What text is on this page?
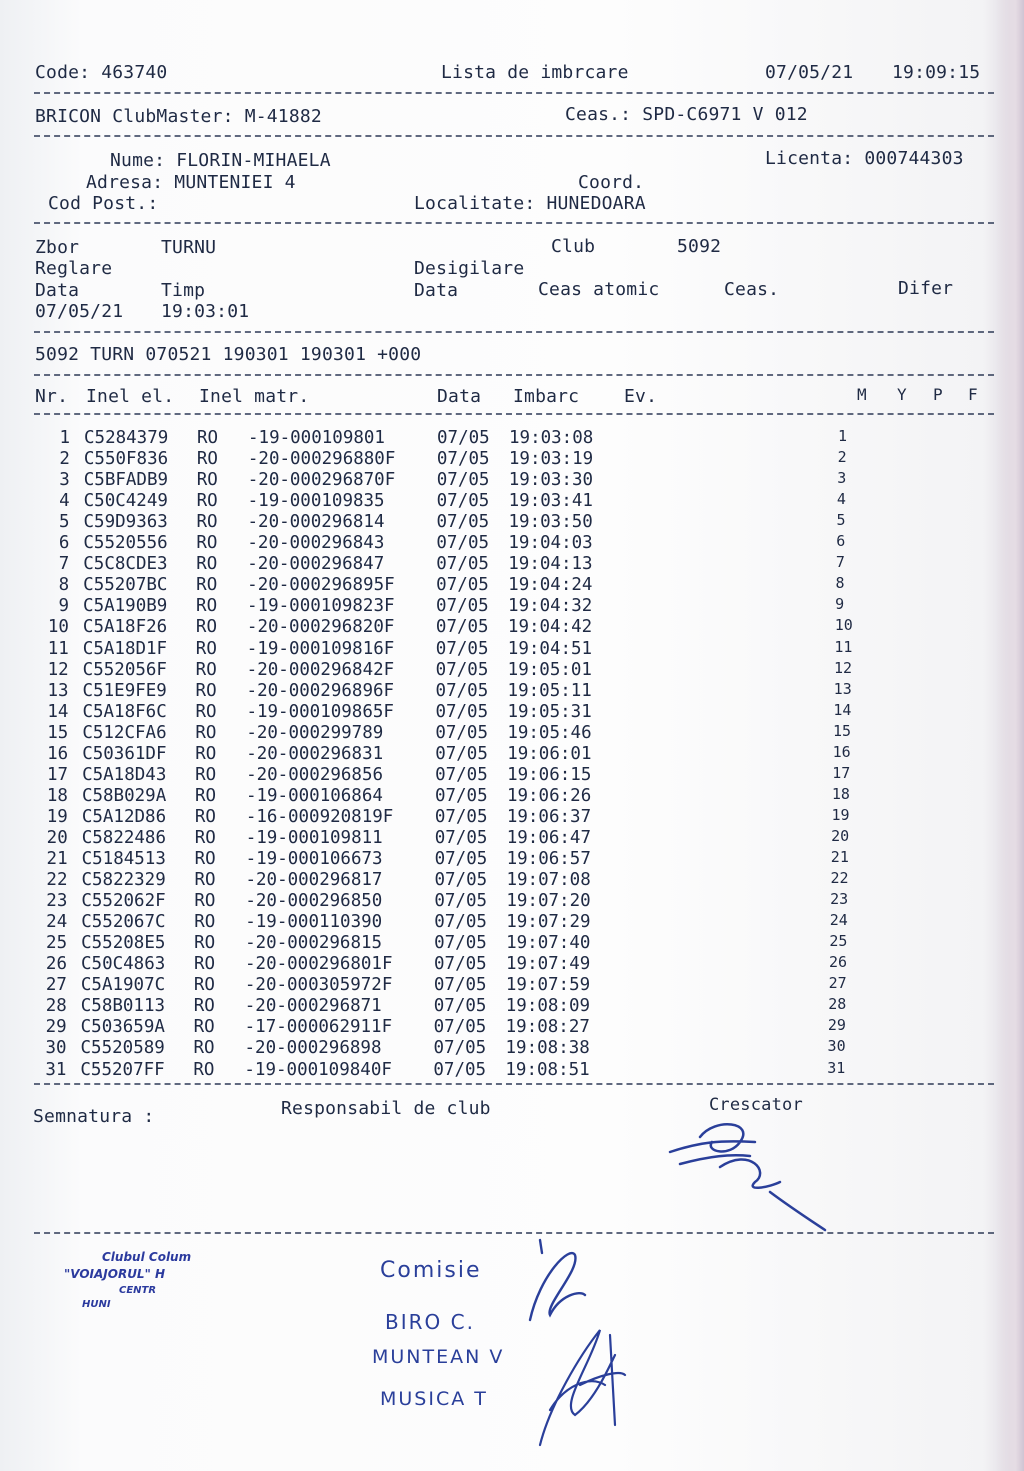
Code: 463740	Lista de imbrcare	07/05/21 19:09:15
BRICON ClubMaster: M-41882	Ceas.: SPD-C6971 V 012
Nume: FLORIN-MIHAELA	Licenta: 000744303
Adresa: MUNTENIEI 4	Coord.
Cod Post.:	Localitate: HUNEDOARA
Zbor	TURNU	Club	5092
Reglare	Desigilare
Data	Timp	Data	Ceas atomic	Ceas.	Difer
07/05/21 19:03:01
5092 TURN 070521 190301 190301 +000
Nr. Inel el. Inel matr.	Data Imbarc Ev.	M Y P F
1 C5284379 RO -19-000109801	07/05 19:03:08	1
2 C550F836 RO -20-000296880F 07/05 19:03:19	2
3 C5BFADB9 RO -20-000296870F 07/05 19:03:30	3
4 C50C4249 RO -19-000109835	07/05 19:03:41	4
5 C59D9363 RO -20-000296814	07/05 19:03:50	5
6 C5520556 RO -20-000296843	07/05 19:04:03	6
7 C5C8CDE3 RO -20-000296847	07/05 19:04:13	7
8 C55207BC RO -20-000296895F 07/05 19:04:24	8
9 C5A190B9 RO -19-000109823F 07/05 19:04:32	9
10 C5A18F26 RO -20-000296820F 07/05 19:04:42	10
11 C5A18D1F RO -19-000109816F 07/05 19:04:51	11
12 C552056F RO -20-000296842F 07/05 19:05:01	12
13 C51E9FE9 RO -20-000296896F 07/05 19:05:11	13
14 C5A18F6C RO -19-000109865F 07/05 19:05:31	14
15 C512CFA6 RO -20-000299789	07/05 19:05:46	15
16 C50361DF RO -20-000296831	07/05 19:06:01	16
17 C5A18D43 RO -20-000296856	07/05 19:06:15	17
18 C58B029A RO -19-000106864	07/05 19:06:26	18
19 C5A12D86 RO -16-000920819F 07/05 19:06:37	19
20 C5822486 RO -19-000109811	07/05 19:06:47	20
21 C5184513 RO -19-000106673	07/05 19:06:57	21
22 C5822329 RO -20-000296817	07/05 19:07:08	22
23 C552062F RO -20-000296850	07/05 19:07:20	23
24 C552067C RO -19-000110390	07/05 19:07:29	24
25 C55208E5 RO -20-000296815	07/05 19:07:40	25
26 C50C4863 RO -20-000296801F 07/05 19:07:49	26
27 C5A1907C RO -20-000305972F 07/05 19:07:59	27
28 C58B0113 RO -20-000296871	07/05 19:08:09	28
29 C503659A RO -17-000062911F 07/05 19:08:27	29
30 C5520589 RO -20-000296898	07/05 19:08:38	30
31 C55207FF RO -19-000109840F 07/05 19:08:51	31
Semnatura :	Responsabil de club	Crescator
Clubul Colum
"VOIAJORUL" H
CENTR
HUNI
Comisie
BIRO C.
MUNTEAN V
MUSICA T
